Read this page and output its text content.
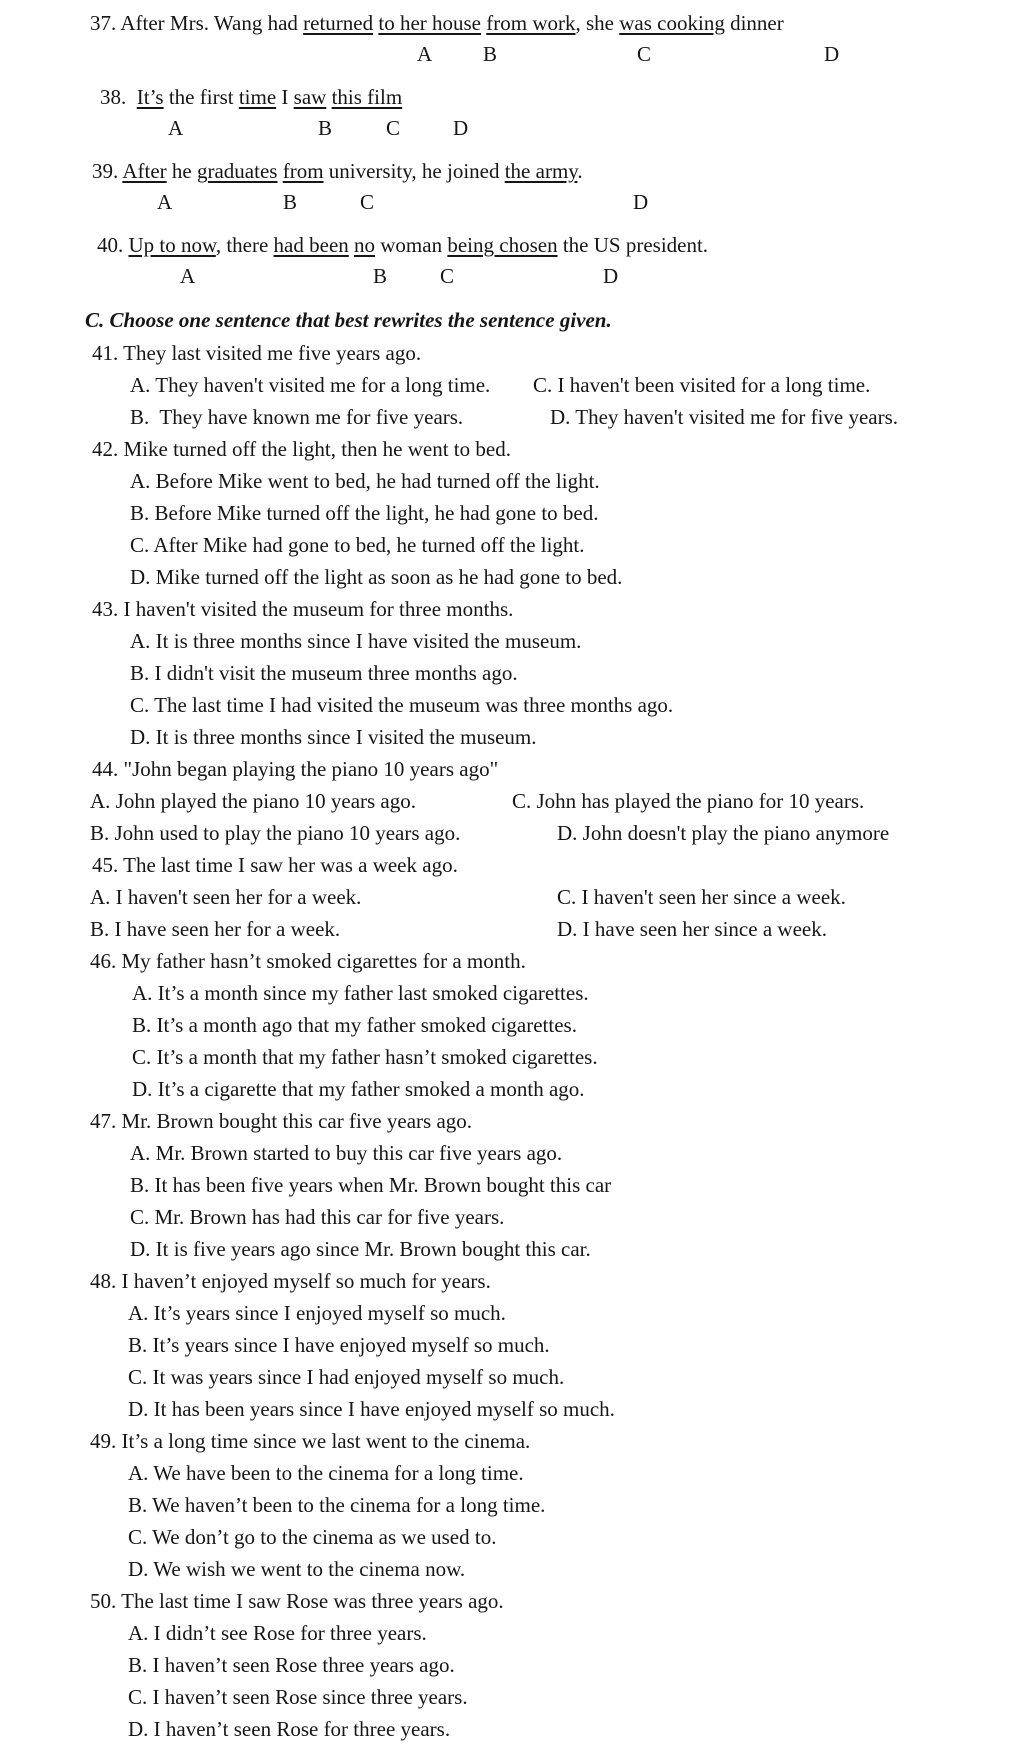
37. After Mrs. Wang had returned to her house from work, she was cooking dinner
A B	C	D
38.  It’s the first time I saw this film
A	B	C	D
39. After he graduates from university, he joined the army.
A	B	C	D
40. Up to now, there had been no woman being chosen the US president.
A	B	C	D
C. Choose one sentence that best rewrites the sentence given.
41. They last visited me five years ago.
A. They haven't visited me for a long time. C. I haven't been visited for a long time.
B.  They have known me for five years.	D. They haven't visited me for five years.
42. Mike turned off the light, then he went to bed.
A. Before Mike went to bed, he had turned off the light.
B. Before Mike turned off the light, he had gone to bed.
C. After Mike had gone to bed, he turned off the light.
D. Mike turned off the light as soon as he had gone to bed.
43. I haven't visited the museum for three months.
A. It is three months since I have visited the museum.
B. I didn't visit the museum three months ago.
C. The last time I had visited the museum was three months ago.
D. It is three months since I visited the museum.
44. "John began playing the piano 10 years ago"
A. John played the piano 10 years ago.	C. John has played the piano for 10 years.
B. John used to play the piano 10 years ago.	D. John doesn't play the piano anymore
45. The last time I saw her was a week ago.
A. I haven't seen her for a week.	C. I haven't seen her since a week.
B. I have seen her for a week.	D. I have seen her since a week.
46. My father hasn’t smoked cigarettes for a month.
A. It’s a month since my father last smoked cigarettes.
B. It’s a month ago that my father smoked cigarettes.
C. It’s a month that my father hasn’t smoked cigarettes.
D. It’s a cigarette that my father smoked a month ago.
47. Mr. Brown bought this car five years ago.
A. Mr. Brown started to buy this car five years ago.
B. It has been five years when Mr. Brown bought this car
C. Mr. Brown has had this car for five years.
D. It is five years ago since Mr. Brown bought this car.
48. I haven’t enjoyed myself so much for years.
A. It’s years since I enjoyed myself so much.
B. It’s years since I have enjoyed myself so much.
C. It was years since I had enjoyed myself so much.
D. It has been years since I have enjoyed myself so much.
49. It’s a long time since we last went to the cinema.
A. We have been to the cinema for a long time.
B. We haven’t been to the cinema for a long time.
C. We don’t go to the cinema as we used to.
D. We wish we went to the cinema now.
50. The last time I saw Rose was three years ago.
A. I didn’t see Rose for three years.
B. I haven’t seen Rose three years ago.
C. I haven’t seen Rose since three years.
D. I haven’t seen Rose for three years.
